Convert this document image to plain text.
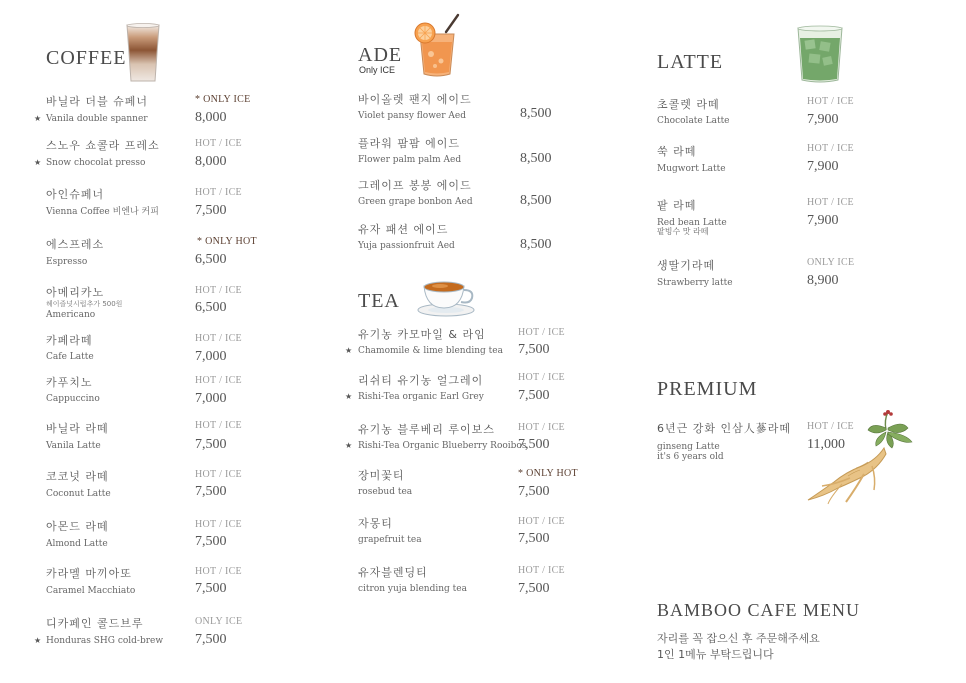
COFFEE
바닐라 더블 슈페너
★ Vanila double spanner
* ONLY ICE
8,000
스노우 쇼콜라 프레소
★ Snow chocolat presso
HOT / ICE
8,000
아인슈페너
Vienna Coffee 비엔나 커피
HOT / ICE
7,500
에스프레소
Espresso
* ONLY HOT
6,500
아메리카노
헤이즐넛시럽추가 500원
Americano
HOT / ICE
6,500
카페라떼
Cafe Latte
HOT / ICE
7,000
카푸치노
Cappuccino
HOT / ICE
7,000
바닐라 라떼
Vanila Latte
HOT / ICE
7,500
코코넛 라떼
Coconut Latte
HOT / ICE
7,500
아몬드 라떼
Almond Latte
HOT / ICE
7,500
카라멜 마끼아또
Caramel Macchiato
HOT / ICE
7,500
디카페인 콜드브루
★ Honduras SHG cold-brew
ONLY ICE
7,500
ADE
Only ICE
바이올렛 팬지 에이드
Violet pansy flower Aed	8,500
플라워 팜팜 에이드
Flower palm palm Aed	8,500
그레이프 봉봉 에이드
Green grape bonbon Aed	8,500
유자 패션 에이드
Yuja passionfruit Aed	8,500
TEA
유기농 카모마일 & 라임
★ Chamomile & lime blending tea
HOT / ICE
7,500
리쉬티 유기농 얼그레이
★ Rishi-Tea organic Earl Grey
HOT / ICE
7,500
유기농 블루베리 루이보스
★ Rishi-Tea Organic Blueberry Rooibos
HOT / ICE
7,500
장미꽃티
rosebud tea
* ONLY HOT
7,500
자몽티
grapefruit tea
HOT / ICE
7,500
유자블렌딩티
citron yuja blending tea
HOT / ICE
7,500
LATTE
초콜렛 라떼
Chocolate Latte
HOT / ICE
7,900
쑥 라떼
Mugwort Latte
HOT / ICE
7,900
팥 라떼
Red bean Latte
팥빙수 맛 라떼
HOT / ICE
7,900
생딸기라떼
Strawberry latte
ONLY ICE
8,900
PREMIUM
6년근 강화 인삼人蔘라떼
ginseng Latte
it's 6 years old
HOT / ICE
11,000
BAMBOO CAFE MENU
자리를 꼭 잡으신 후 주문해주세요
1인 1메뉴 부탁드립니다
